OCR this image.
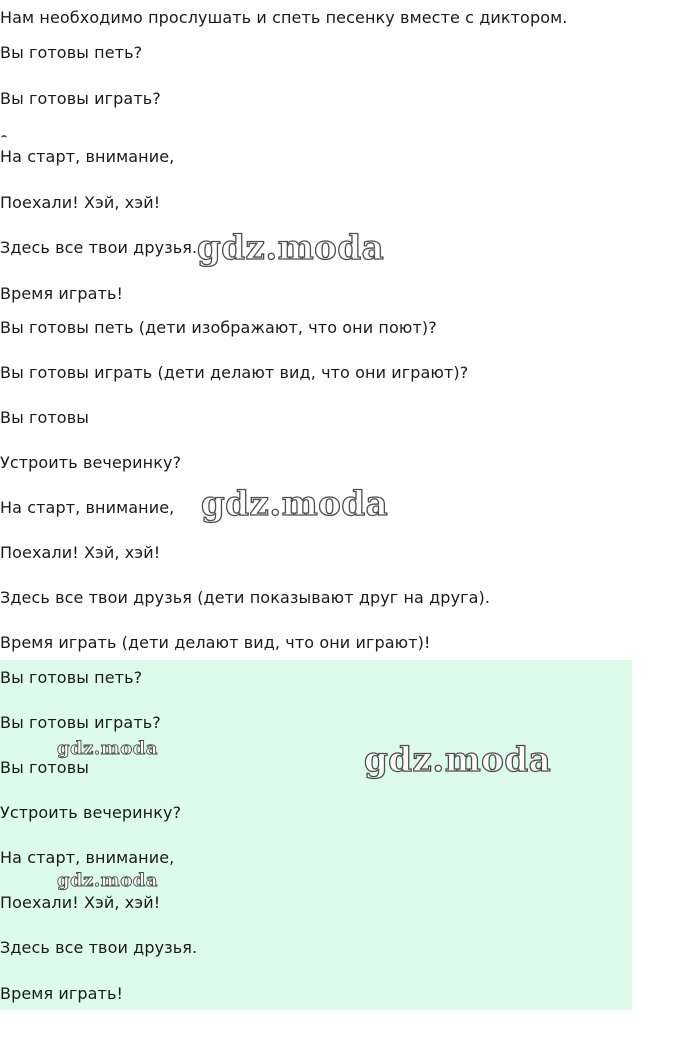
Нам необходимо прослушать и спеть песенку вместе с диктором.

Вы готовы петь?

Вы готовы играть?

На старт, внимание,

Поехали! Хэй, хэй!

Здесь все твои друзья.

Время играть!

Вы готовы петь (дети изображают, что они поют)?

Вы готовы играть (дети делают вид, что они играют)?

Вы готовы

Устроить вечеринку?

На старт, внимание,

Поехали! Хэй, хэй!

Здесь все твои друзья (дети показывают друг на друга).

Время играть (дети делают вид, что они играют)!

Вы готовы петь?

Вы готовы играть?

Вы готовы

Устроить вечеринку?

На старт, внимание,

Поехали! Хэй, хэй!

Здесь все твои друзья.

Время играть!

gdz.moda
gdz.moda
gdz.moda
gdz.moda
gdz.moda
